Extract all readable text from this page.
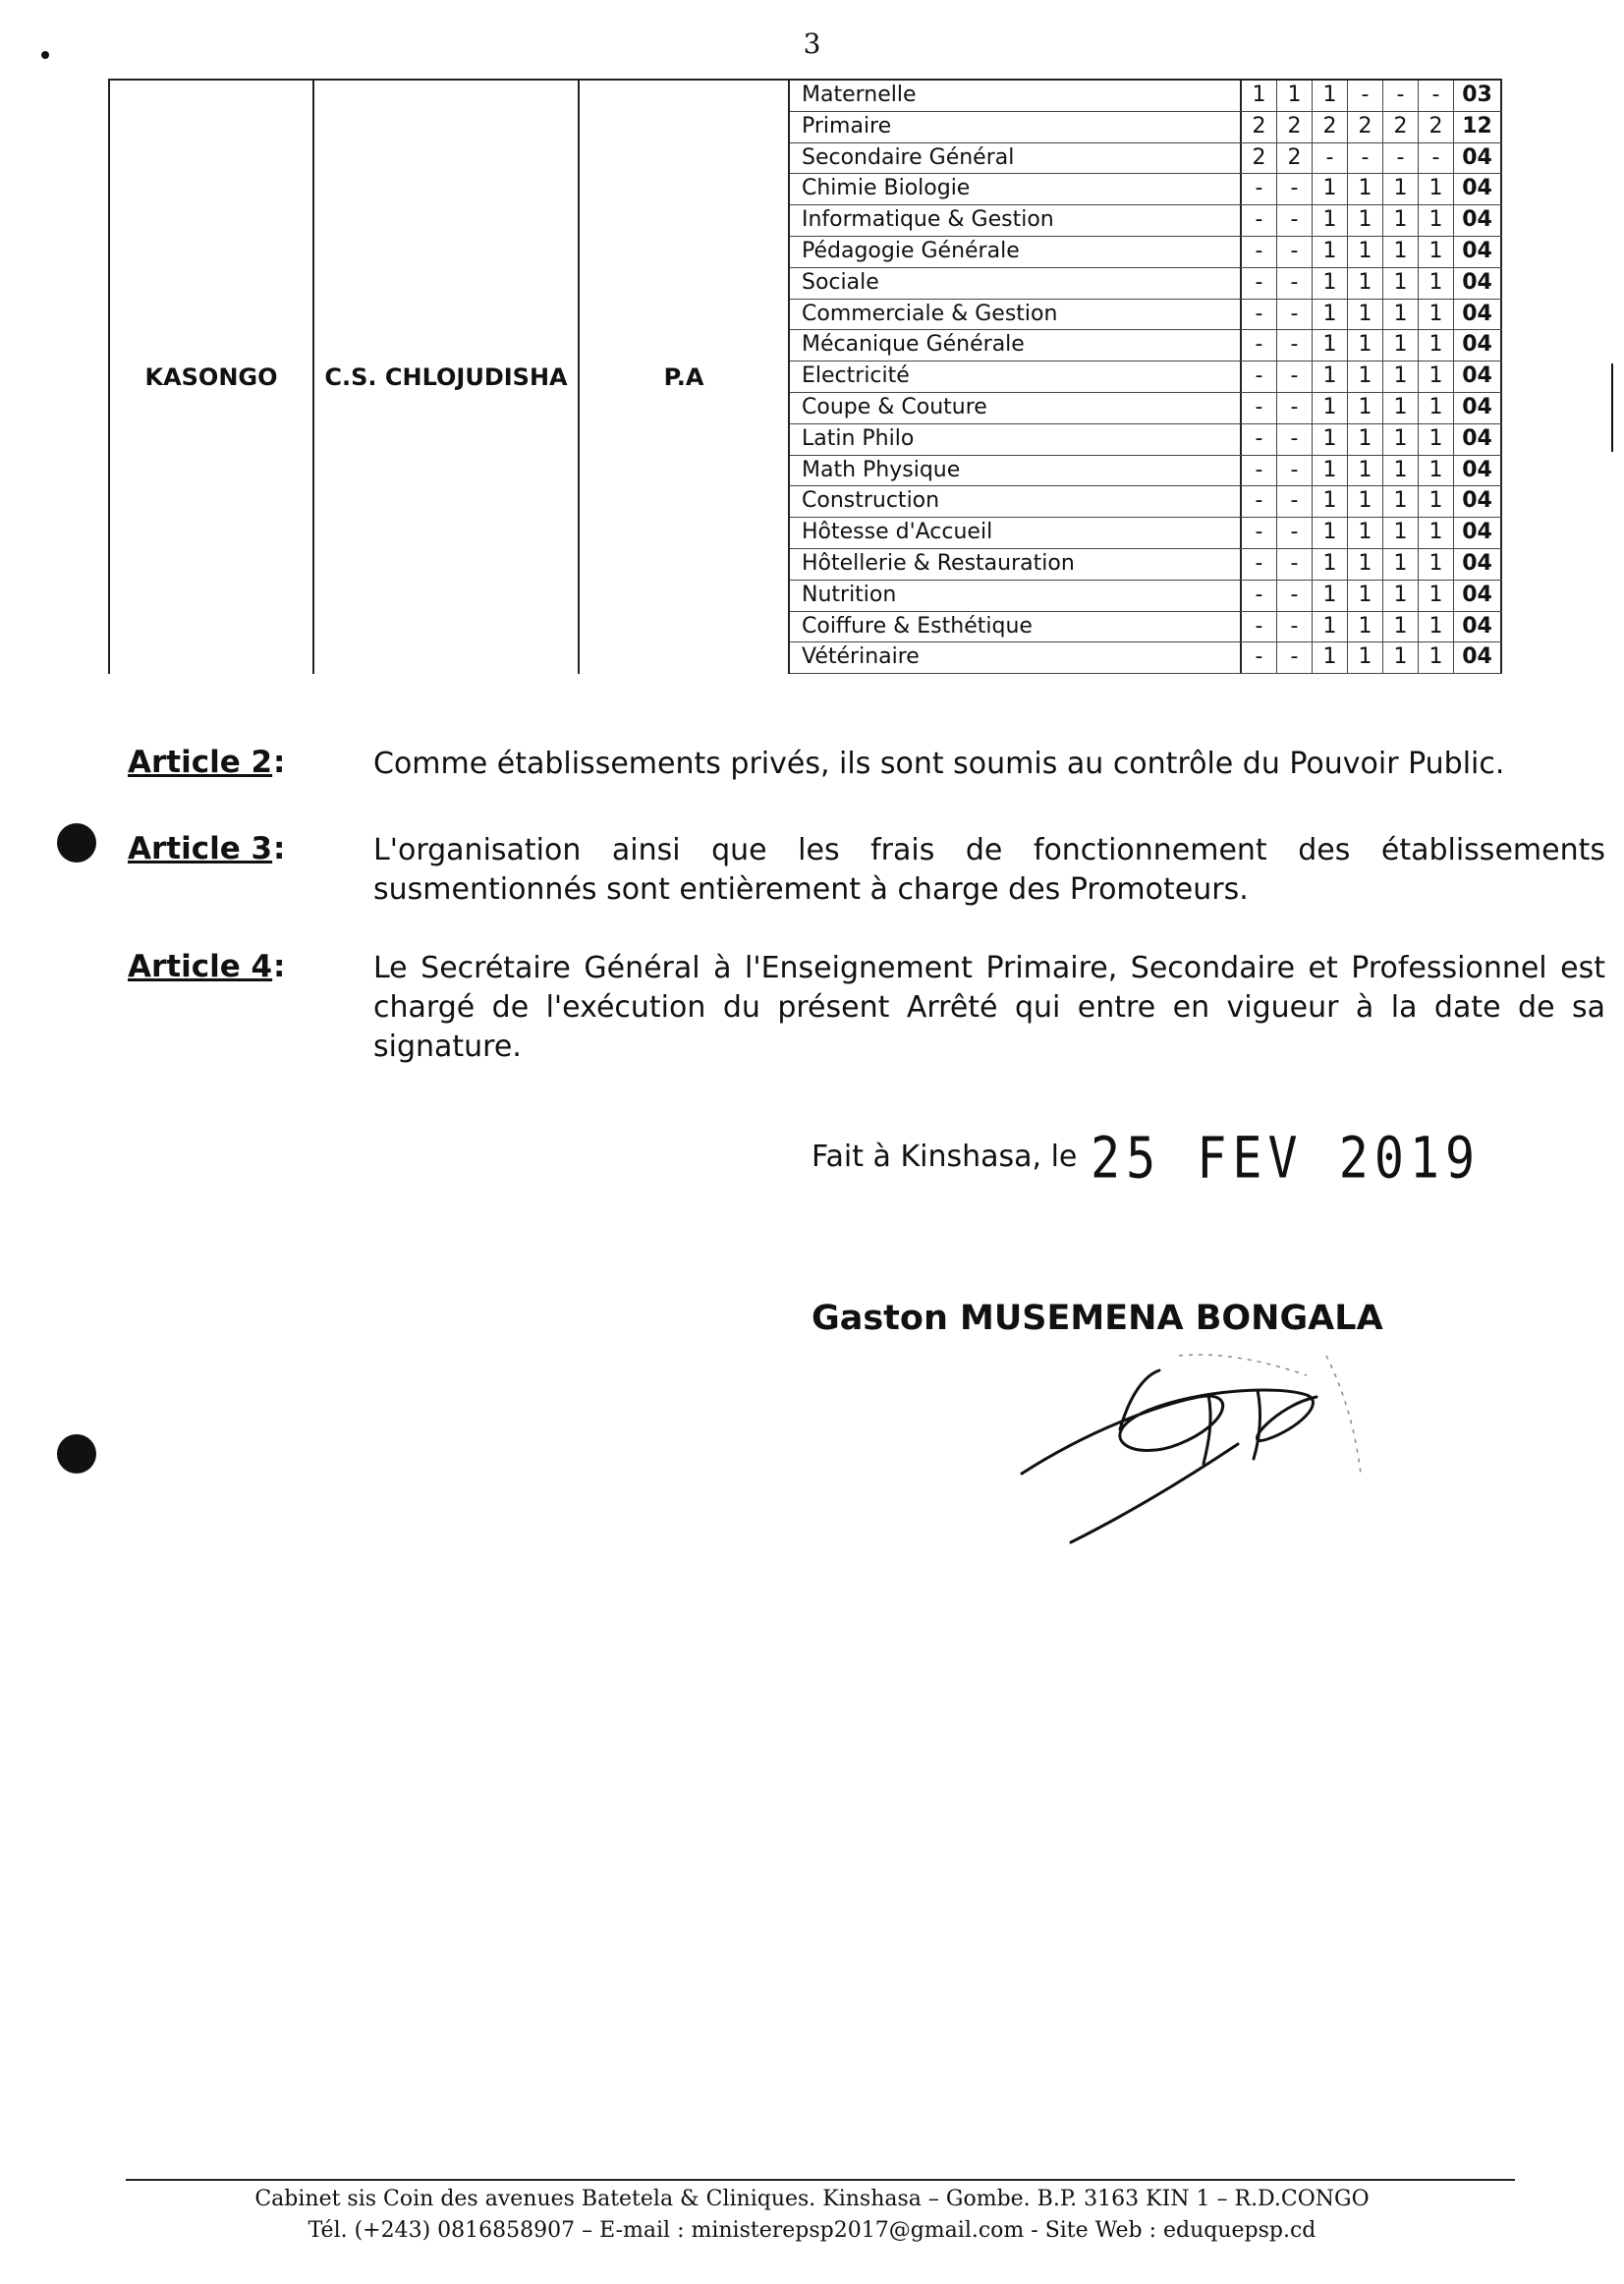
3
KASONGO	C.S. CHLOJUDISHA	P.A
Maternelle	1	1	1	-	-	-	03
Primaire	2	2	2	2	2	2 12
Secondaire Général	2	2	-	-	-	-	04
Chimie Biologie	-	-	1	1	1	1 04
Informatique & Gestion	-	-	1	1	1	1 04
Pédagogie Générale	-	-	1	1	1	1 04
Sociale	-	-	1	1	1	1 04
Commerciale & Gestion	-	-	1	1	1	1 04
Mécanique Générale	-	-	1	1	1	1 04
Electricité	-	-	1	1	1	1 04
Coupe & Couture	-	-	1	1	1	1 04
Latin Philo	-	-	1	1	1	1 04
Math Physique	-	-	1	1	1	1 04
Construction	-	-	1	1	1	1 04
Hôtesse d'Accueil	-	-	1	1	1	1 04
Hôtellerie & Restauration	-	-	1	1	1	1 04
Nutrition	-	-	1	1	1	1 04
Coiffure & Esthétique	-	-	1	1	1	1 04
Vétérinaire	-	-	1	1	1	1 04
Article 2 :	Comme établissements privés, ils sont soumis au contrôle du Pouvoir Public.
Article 3 :	L'organisation ainsi que les frais de fonctionnement des établissements susmentionnés sont entièrement à charge des Promoteurs.
Article 4 :	Le Secrétaire Général à l'Enseignement Primaire, Secondaire et Professionnel est chargé de l'exécution du présent Arrêté qui entre en vigueur à la date de sa signature.
Fait à Kinshasa, le 25 FEV 2019
Gaston MUSEMENA BONGALA
Cabinet sis Coin des avenues Batetela & Cliniques. Kinshasa – Gombe. B.P. 3163 KIN 1 – R.D.CONGO
Tél. (+243) 0816858907 – E-mail : ministerepsp2017@gmail.com - Site Web : eduquepsp.cd
